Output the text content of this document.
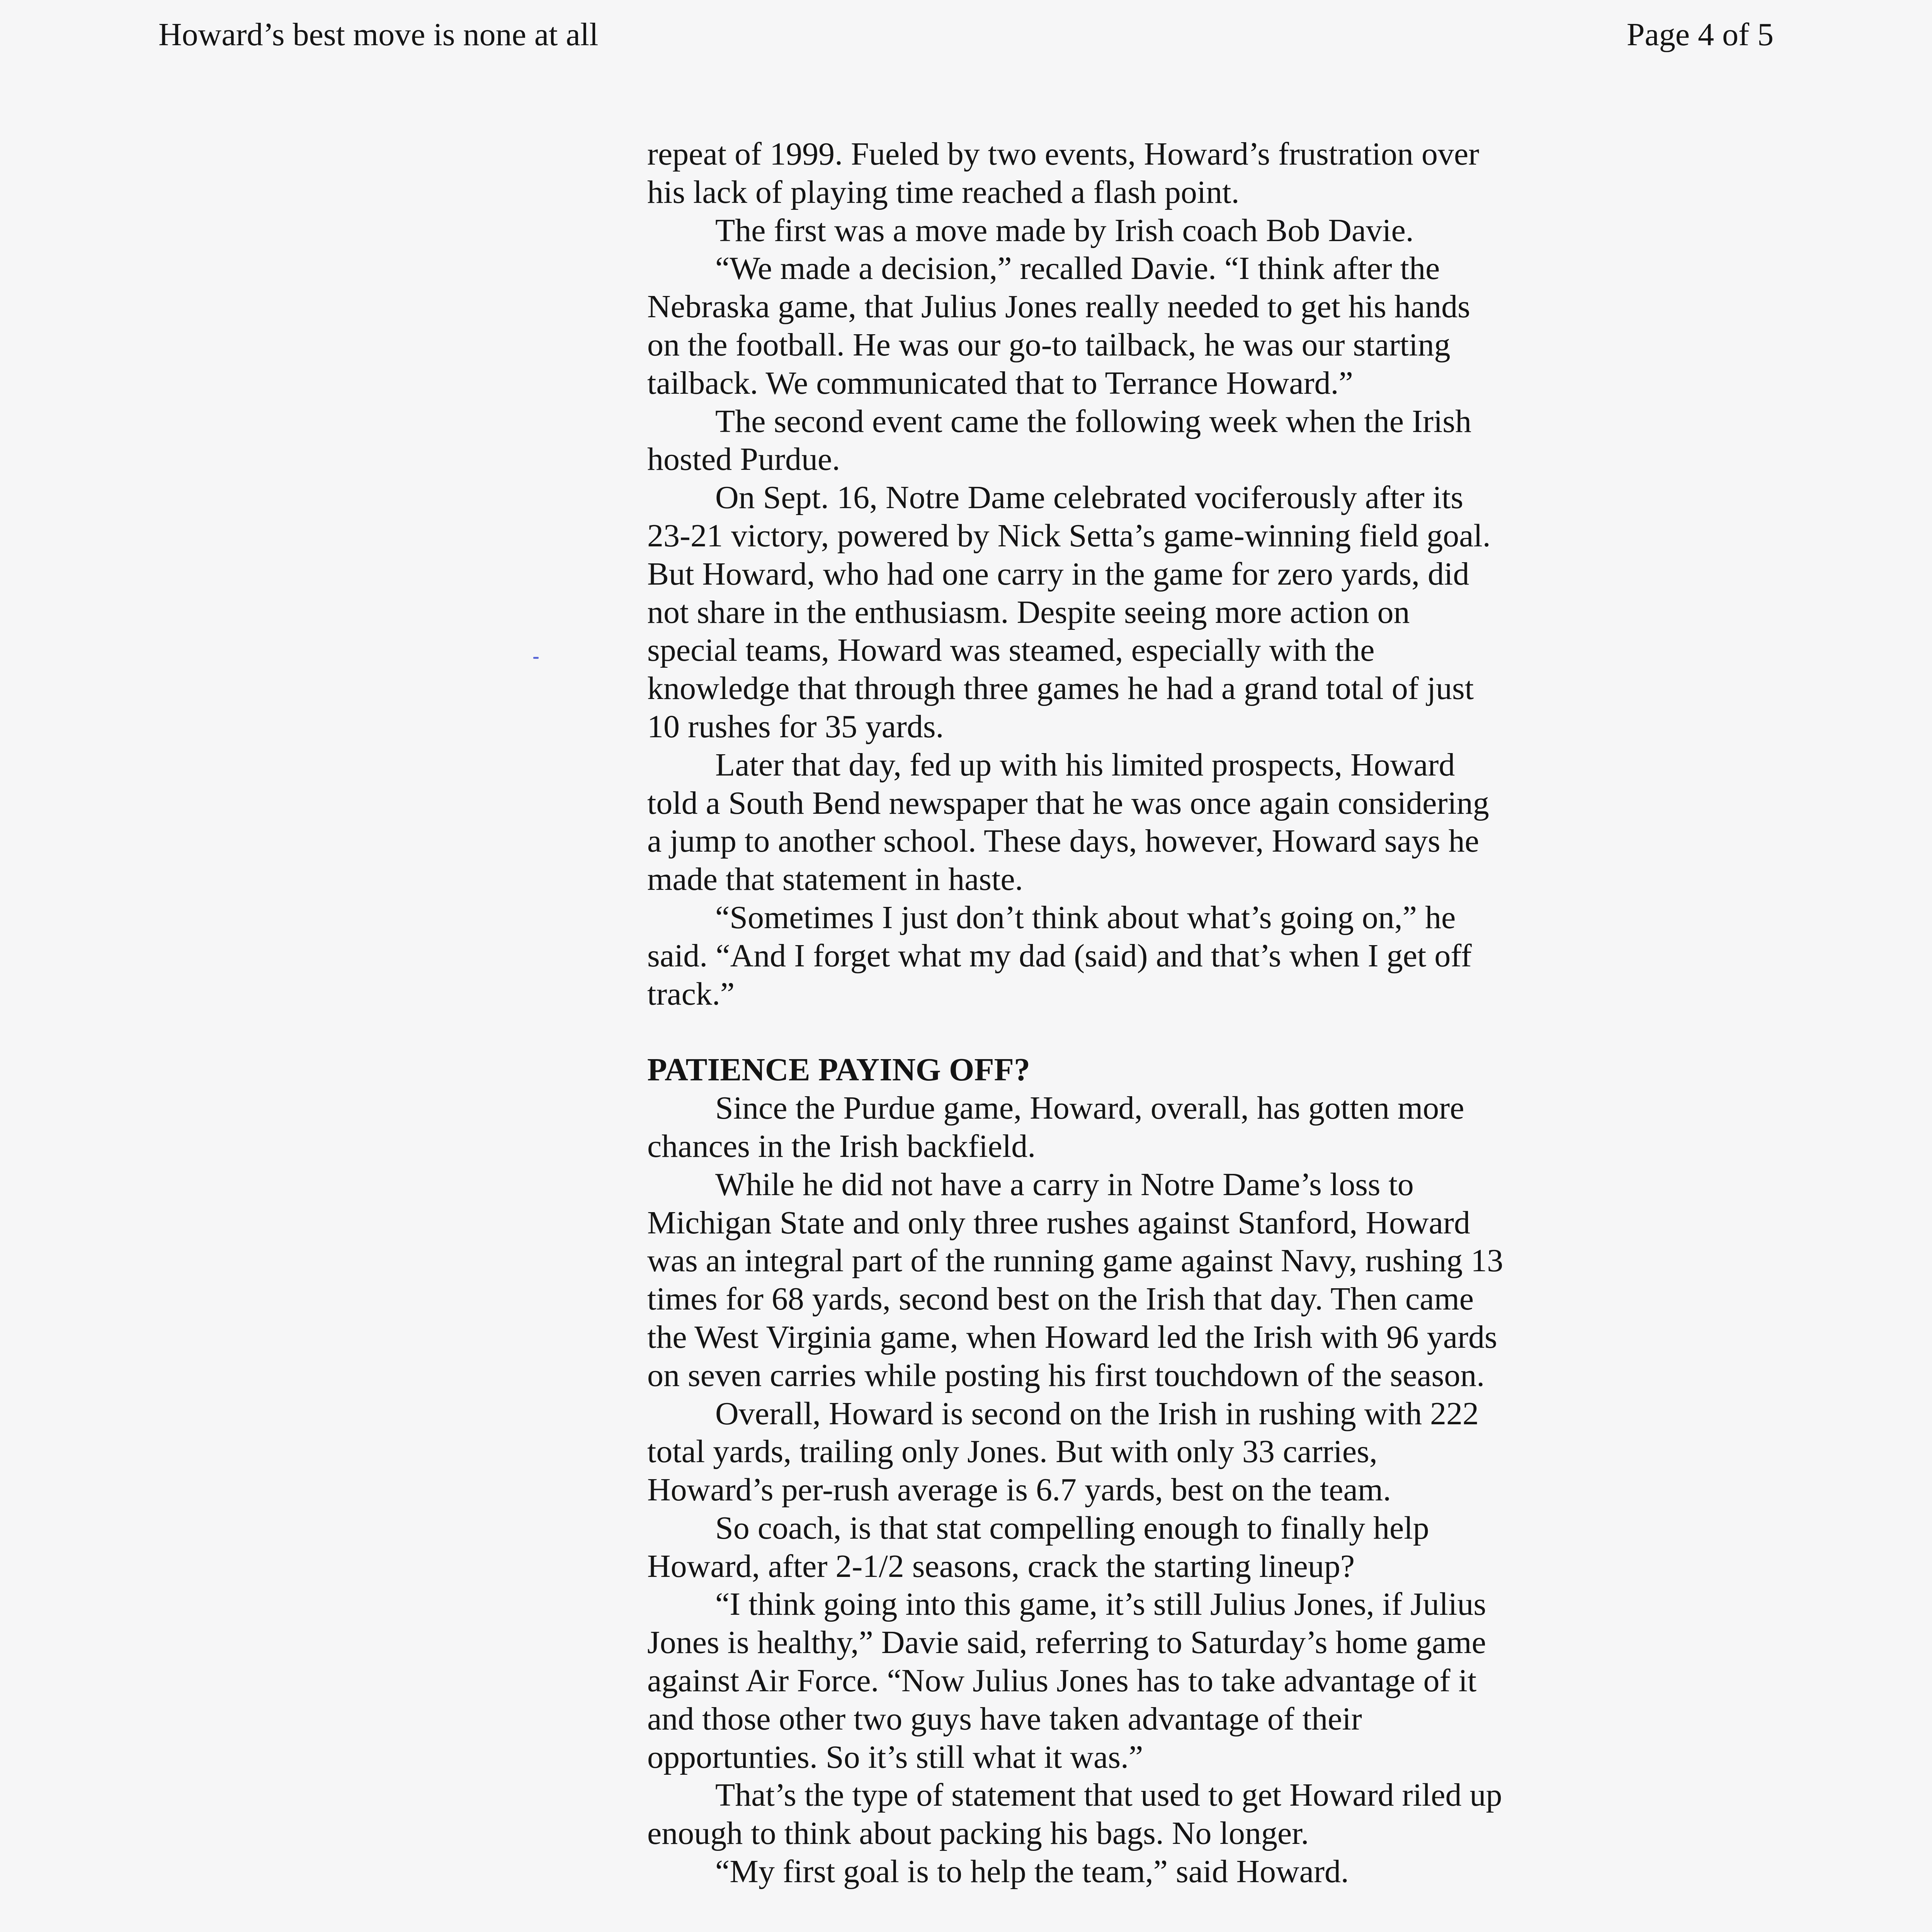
Howard’s best move is none at all	Page 4 of 5

repeat of 1999. Fueled by two events, Howard’s frustration over his lack of playing time reached a flash point.

The first was a move made by Irish coach Bob Davie.

“We made a decision,” recalled Davie. “I think after the Nebraska game, that Julius Jones really needed to get his hands on the football. He was our go-to tailback, he was our starting tailback. We communicated that to Terrance Howard.”

The second event came the following week when the Irish hosted Purdue.

On Sept. 16, Notre Dame celebrated vociferously after its 23-21 victory, powered by Nick Setta’s game-winning field goal. But Howard, who had one carry in the game for zero yards, did not share in the enthusiasm. Despite seeing more action on special teams, Howard was steamed, especially with the knowledge that through three games he had a grand total of just 10 rushes for 35 yards.

Later that day, fed up with his limited prospects, Howard told a South Bend newspaper that he was once again considering a jump to another school. These days, however, Howard says he made that statement in haste.

“Sometimes I just don’t think about what’s going on,” he said. “And I forget what my dad (said) and that’s when I get off track.”

PATIENCE PAYING OFF?

Since the Purdue game, Howard, overall, has gotten more chances in the Irish backfield.

While he did not have a carry in Notre Dame’s loss to Michigan State and only three rushes against Stanford, Howard was an integral part of the running game against Navy, rushing 13 times for 68 yards, second best on the Irish that day. Then came the West Virginia game, when Howard led the Irish with 96 yards on seven carries while posting his first touchdown of the season.

Overall, Howard is second on the Irish in rushing with 222 total yards, trailing only Jones. But with only 33 carries, Howard’s per-rush average is 6.7 yards, best on the team.

So coach, is that stat compelling enough to finally help Howard, after 2-1/2 seasons, crack the starting lineup?

“I think going into this game, it’s still Julius Jones, if Julius Jones is healthy,” Davie said, referring to Saturday’s home game against Air Force. “Now Julius Jones has to take advantage of it and those other two guys have taken advantage of their opportunties. So it’s still what it was.”

That’s the type of statement that used to get Howard riled up enough to think about packing his bags. No longer.

“My first goal is to help the team,” said Howard.
